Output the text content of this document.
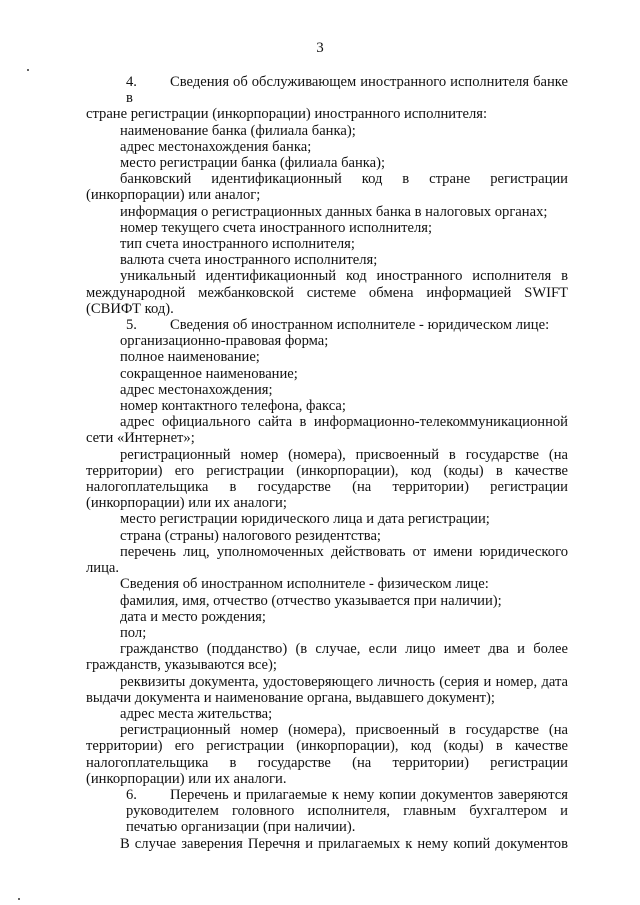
3

4. Сведения об обслуживающем иностранного исполнителя банке в

стране регистрации (инкорпорации) иностранного исполнителя:

наименование банка (филиала банка);

адрес местонахождения банка;

место регистрации банка (филиала банка);

банковский идентификационный код в стране регистрации

(инкорпорации) или аналог;

информация о регистрационных данных банка в налоговых органах;

номер текущего счета иностранного исполнителя;

тип счета иностранного исполнителя;

валюта счета иностранного исполнителя;

уникальный идентификационный код иностранного исполнителя в международной межбанковской системе обмена информацией SWIFT (СВИФТ код).

5. Сведения об иностранном исполнителе - юридическом лице:

организационно-правовая форма;

полное наименование;

сокращенное наименование;

адрес местонахождения;

номер контактного телефона, факса;

адрес официального сайта в информационно-телекоммуникационной сети «Интернет»;

регистрационный номер (номера), присвоенный в государстве (на территории) его регистрации (инкорпорации), код (коды) в качестве налогоплательщика в государстве (на территории) регистрации (инкорпорации) или их аналоги;

место регистрации юридического лица и дата регистрации;

страна (страны) налогового резидентства;

перечень лиц, уполномоченных действовать от имени юридического лица.

Сведения об иностранном исполнителе - физическом лице:

фамилия, имя, отчество (отчество указывается при наличии);

дата и место рождения;

пол;

гражданство (подданство) (в случае, если лицо имеет два и более гражданств, указываются все);

реквизиты документа, удостоверяющего личность (серия и номер, дата выдачи документа и наименование органа, выдавшего документ);

адрес места жительства;

регистрационный номер (номера), присвоенный в государстве (на территории) его регистрации (инкорпорации), код (коды) в качестве налогоплательщика в государстве (на территории) регистрации (инкорпорации) или их аналоги.

6. Перечень и прилагаемые к нему копии документов заверяются руководителем головного исполнителя, главным бухгалтером и печатью организации (при наличии).

В случае заверения Перечня и прилагаемых к нему копий документов
